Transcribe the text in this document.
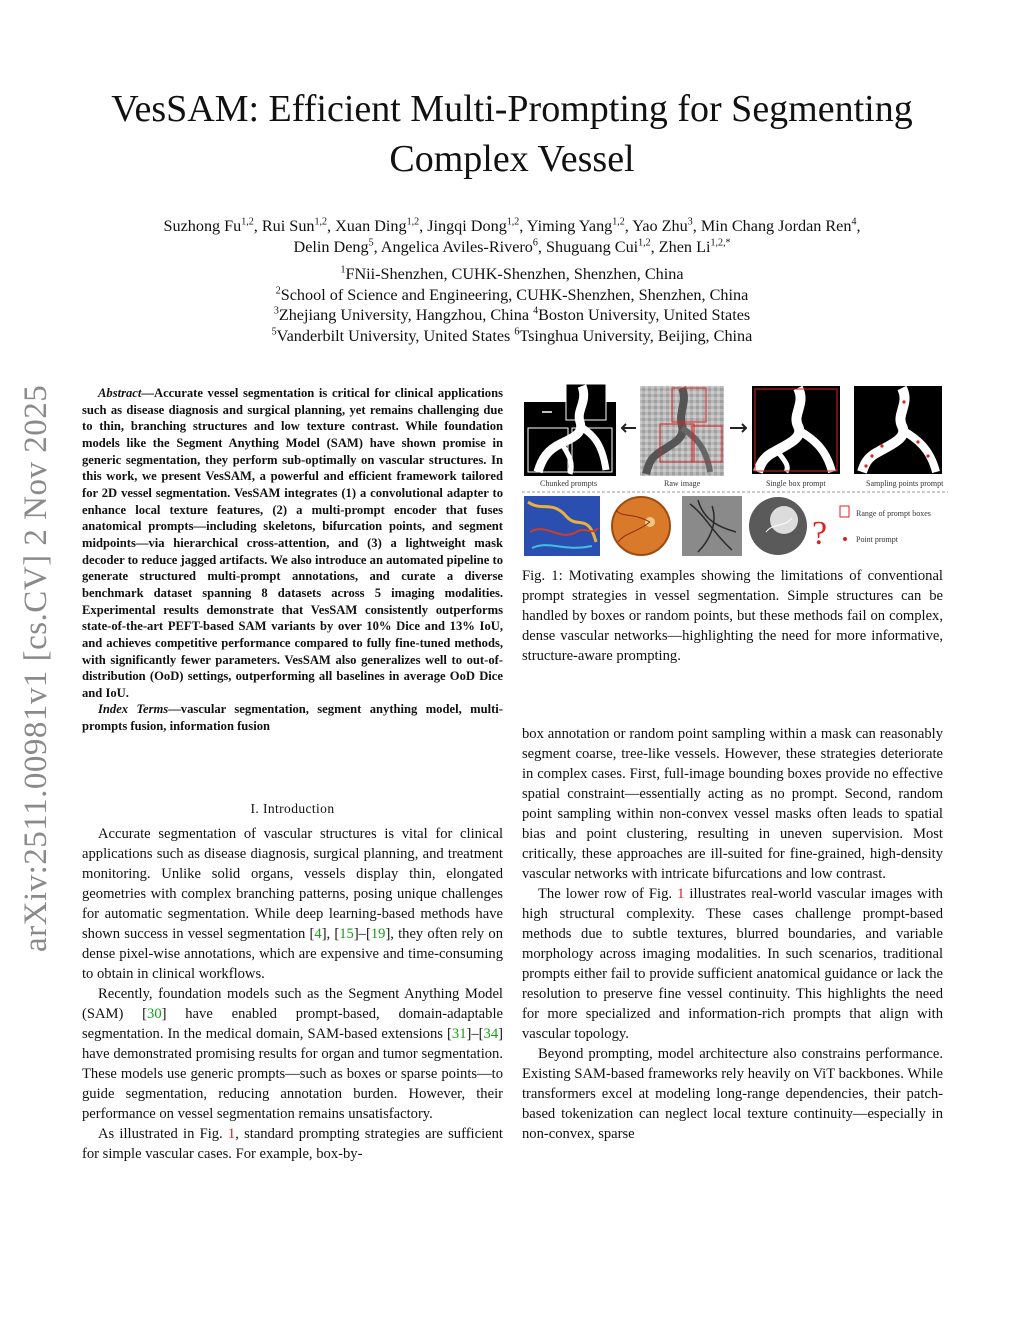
arXiv:2511.00981v1 [cs.CV] 2 Nov 2025
VesSAM: Efficient Multi-Prompting for Segmenting
Complex Vessel
Suzhong Fu$^{1,2}$, Rui Sun$^{1,2}$, Xuan Ding$^{1,2}$, Jingqi Dong$^{1,2}$, Yiming Yang$^{1,2}$, Yao Zhu$^3$, Min Chang Jordan Ren$^4$,
Delin Deng$^5$, Angelica Aviles-Rivero$^6$, Shuguang Cui$^{1,2}$, Zhen $Li^{1,2,*}$
$^1$FNii-Shenzhen, CUHK-Shenzhen, Shenzhen, China
$^2$School of Science and Engineering, CUHK-Shenzhen, Shenzhen, China
$^3$Zhejiang University, Hangzhou, China $^4$Boston University, United States
$^5$Vanderbilt University, United States $^6$Tsinghua University, Beijing, China

Abstract—Accurate vessel segmentation is critical for clinical applications such as disease diagnosis and surgical planning, yet remains challenging due to thin, branching structures and low texture contrast. While foundation models like the Segment Anything Model (SAM) have shown promise in generic segmentation, they perform sub-optimally on vascular structures. In this work, we present VesSAM, a powerful and efficient framework tailored for 2D vessel segmentation. VesSAM integrates (1) a convolutional adapter to enhance local texture features, (2) a multi-prompt encoder that fuses anatomical prompts—including skeletons, bifurcation points, and segment midpoints—via hierarchical cross-attention, and (3) a lightweight mask decoder to reduce jagged artifacts. We also introduce an automated pipeline to generate structured multi-prompt annotations, and curate a diverse benchmark dataset spanning 8 datasets across 5 imaging modalities. Experimental results demonstrate that VesSAM consistently outperforms state-of-the-art PEFT-based SAM variants by over 10% Dice and 13% IoU, and achieves competitive performance compared to fully fine-tuned methods, with significantly fewer parameters. VesSAM also generalizes well to out-of-distribution (OoD) settings, outperforming all baselines in average OoD Dice and IoU.

Index Terms—vascular segmentation, segment anything model, multi-prompts fusion, information fusion

I. Introduction

Accurate segmentation of vascular structures is vital for clinical applications such as disease diagnosis, surgical planning, and treatment monitoring. Unlike solid organs, vessels display thin, elongated geometries with complex branching patterns, posing unique challenges for automatic segmentation. While deep learning-based methods have shown success in vessel segmentation [4], [15]–[19], they often rely on dense pixel-wise annotations, which are expensive and time-consuming to obtain in clinical workflows.

Recently, foundation models such as the Segment Anything Model (SAM) [30] have enabled prompt-based, domain-adaptable segmentation. In the medical domain, SAM-based extensions [31]–[34] have demonstrated promising results for organ and tumor segmentation. These models use generic prompts—such as boxes or sparse points—to guide segmentation, reducing annotation burden. However, their performance on vessel segmentation remains unsatisfactory.

As illustrated in Fig. 1, standard prompting strategies are sufficient for simple vascular cases. For example, box-by-

Chunked prompts	Raw image	Single box prompt	Sampling points prompt
?
Range of prompt boxes
Point prompt
Fig. 1: Motivating examples showing the limitations of conventional prompt strategies in vessel segmentation. Simple structures can be handled by boxes or random points, but these methods fail on complex, dense vascular networks—highlighting the need for more informative, structure-aware prompting.

box annotation or random point sampling within a mask can reasonably segment coarse, tree-like vessels. However, these strategies deteriorate in complex cases. First, full-image bounding boxes provide no effective spatial constraint—essentially acting as no prompt. Second, random point sampling within non-convex vessel masks often leads to spatial bias and point clustering, resulting in uneven supervision. Most critically, these approaches are ill-suited for fine-grained, high-density vascular networks with intricate bifurcations and low contrast.

The lower row of Fig. 1 illustrates real-world vascular images with high structural complexity. These cases challenge prompt-based methods due to subtle textures, blurred boundaries, and variable morphology across imaging modalities. In such scenarios, traditional prompts either fail to provide sufficient anatomical guidance or lack the resolution to preserve fine vessel continuity. This highlights the need for more specialized and information-rich prompts that align with vascular topology.

Beyond prompting, model architecture also constrains performance. Existing SAM-based frameworks rely heavily on ViT backbones. While transformers excel at modeling long-range dependencies, their patch-based tokenization can neglect local texture continuity—especially in non-convex, sparse
